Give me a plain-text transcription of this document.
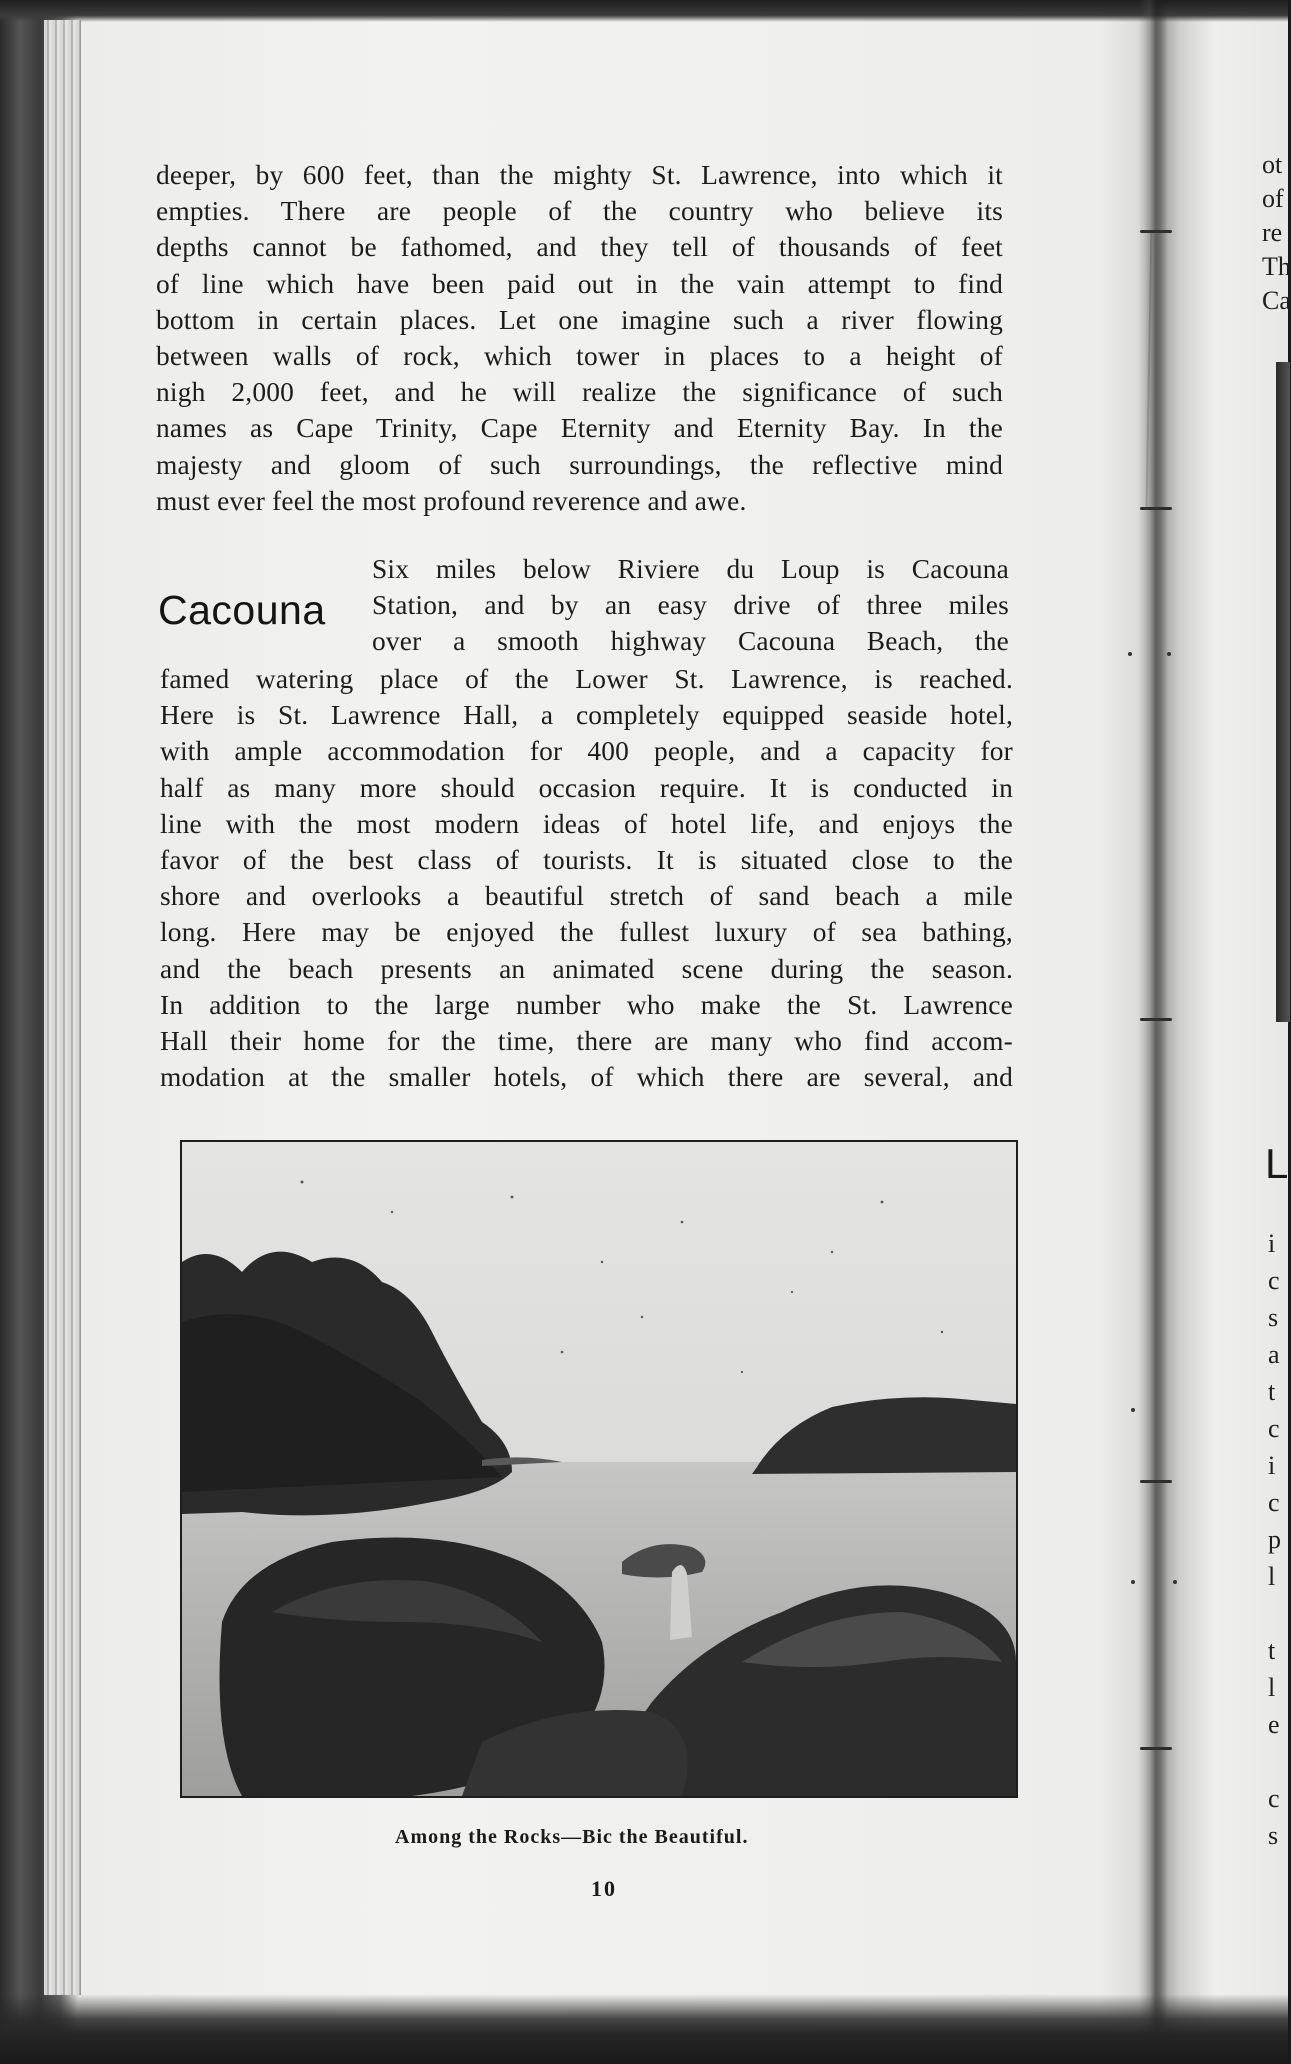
deeper, by 600 feet, than the mighty St. Lawrence, into which it
empties. There are people of the country who believe its
depths cannot be fathomed, and they tell of thousands of feet
of line which have been paid out in the vain attempt to find
bottom in certain places. Let one imagine such a river flowing
between walls of rock, which tower in places to a height of
nigh 2,000 feet, and he will realize the significance of such
names as Cape Trinity, Cape Eternity and Eternity Bay. In the
majesty and gloom of such surroundings, the reflective mind
must ever feel the most profound reverence and awe.
Cacouna
Six miles below Riviere du Loup is Cacouna
Station, and by an easy drive of three miles
over a smooth highway Cacouna Beach, the
famed watering place of the Lower St. Lawrence, is reached.
Here is St. Lawrence Hall, a completely equipped seaside hotel,
with ample accommodation for 400 people, and a capacity for
half as many more should occasion require. It is conducted in
line with the most modern ideas of hotel life, and enjoys the
favor of the best class of tourists. It is situated close to the
shore and overlooks a beautiful stretch of sand beach a mile
long. Here may be enjoyed the fullest luxury of sea bathing,
and the beach presents an animated scene during the season.
In addition to the large number who make the St. Lawrence
Hall their home for the time, there are many who find accom-
modation at the smaller hotels, of which there are several, and
Among the Rocks—Bic the Beautiful.
10
ot
of
re
Th
Ca
L
i
c
s
a
t
c
i
c
p
l

t
l
e

c
s
